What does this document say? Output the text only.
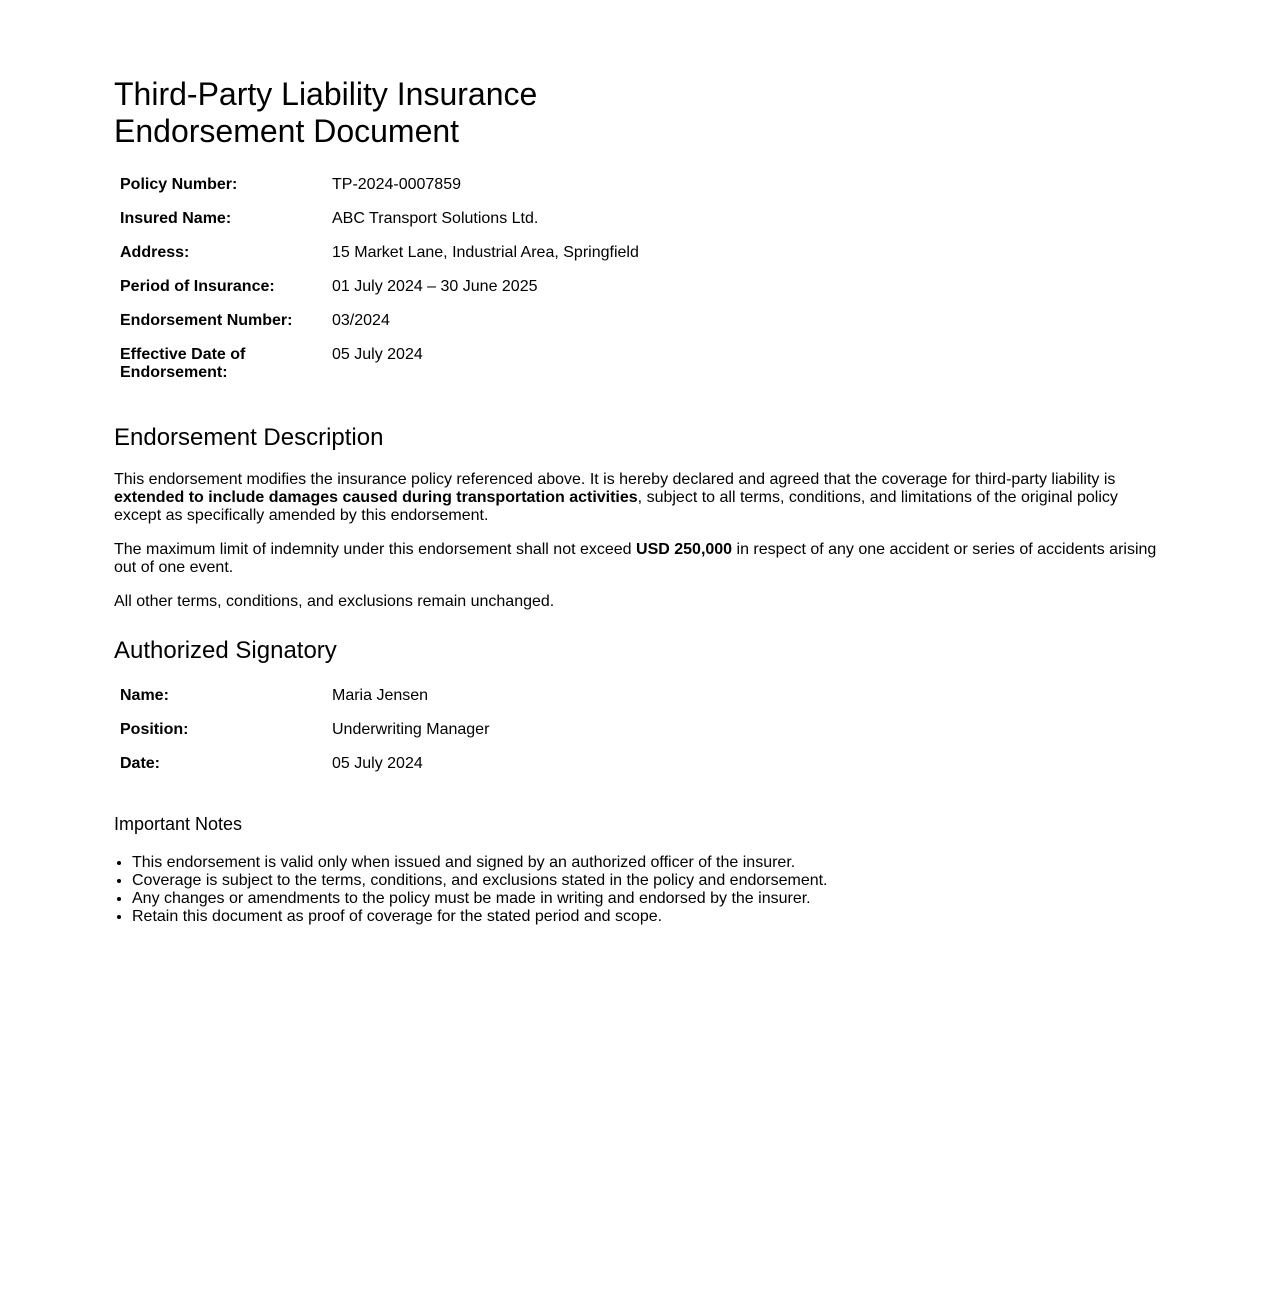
Third-Party Liability Insurance
Endorsement Document
Policy Number:	TP-2024-0007859
Insured Name:	ABC Transport Solutions Ltd.
Address:	15 Market Lane, Industrial Area, Springfield
Period of Insurance:	01 July 2024 – 30 June 2025
Endorsement Number:	03/2024
Effective Date of Endorsement:	05 July 2024
Endorsement Description

This endorsement modifies the insurance policy referenced above. It is hereby declared and agreed that the coverage for third-party liability is extended to include damages caused during transportation activities, subject to all terms, conditions, and limitations of the original policy except as specifically amended by this endorsement.

The maximum limit of indemnity under this endorsement shall not exceed USD 250,000 in respect of any one accident or series of accidents arising out of one event.

All other terms, conditions, and exclusions remain unchanged.

Authorized Signatory
Name:	Maria Jensen
Position:	Underwriting Manager
Date:	05 July 2024
Important Notes
• This endorsement is valid only when issued and signed by an authorized officer of the insurer.
• Coverage is subject to the terms, conditions, and exclusions stated in the policy and endorsement.
• Any changes or amendments to the policy must be made in writing and endorsed by the insurer.
• Retain this document as proof of coverage for the stated period and scope.
